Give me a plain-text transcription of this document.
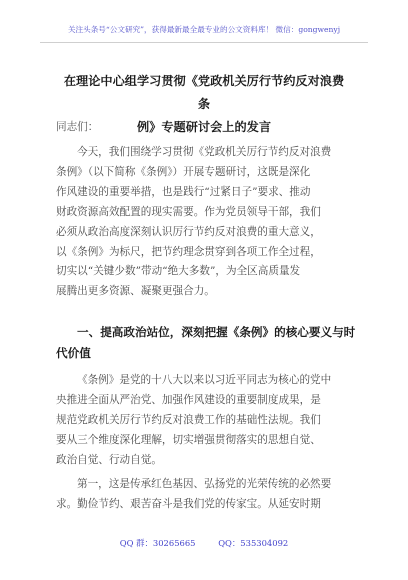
关注头条号“公文研究”，获得最新最全最专业的公文资料库！ 微信：gongwenyj
在理论中心组学习贯彻《党政机关厉行节约反对浪费条
例》专题研讨会上的发言
同志们：
今天，我们围绕学习贯彻《党政机关厉行节约反对浪费
条例》（以下简称《条例》）开展专题研讨，这既是深化
作风建设的重要举措，也是践行“过紧日子”要求、推动
财政资源高效配置的现实需要。作为党员领导干部，我们
必须从政治高度深刻认识厉行节约反对浪费的重大意义，
以《条例》为标尺，把节约理念贯穿到各项工作全过程，
切实以“关键少数”带动“绝大多数”，为全区高质量发
展腾出更多资源、凝聚更强合力。
一、提高政治站位，深刻把握《条例》的核心要义与时
代价值
《条例》是党的十八大以来以习近平同志为核心的党中
央推进全面从严治党、加强作风建设的重要制度成果，是
规范党政机关厉行节约反对浪费工作的基础性法规。我们
要从三个维度深化理解，切实增强贯彻落实的思想自觉、
政治自觉、行动自觉。
第一，这是传承红色基因、弘扬党的光荣传统的必然要
求。勤俭节约、艰苦奋斗是我们党的传家宝。从延安时期
QQ 群：30265665	QQ：535304092
